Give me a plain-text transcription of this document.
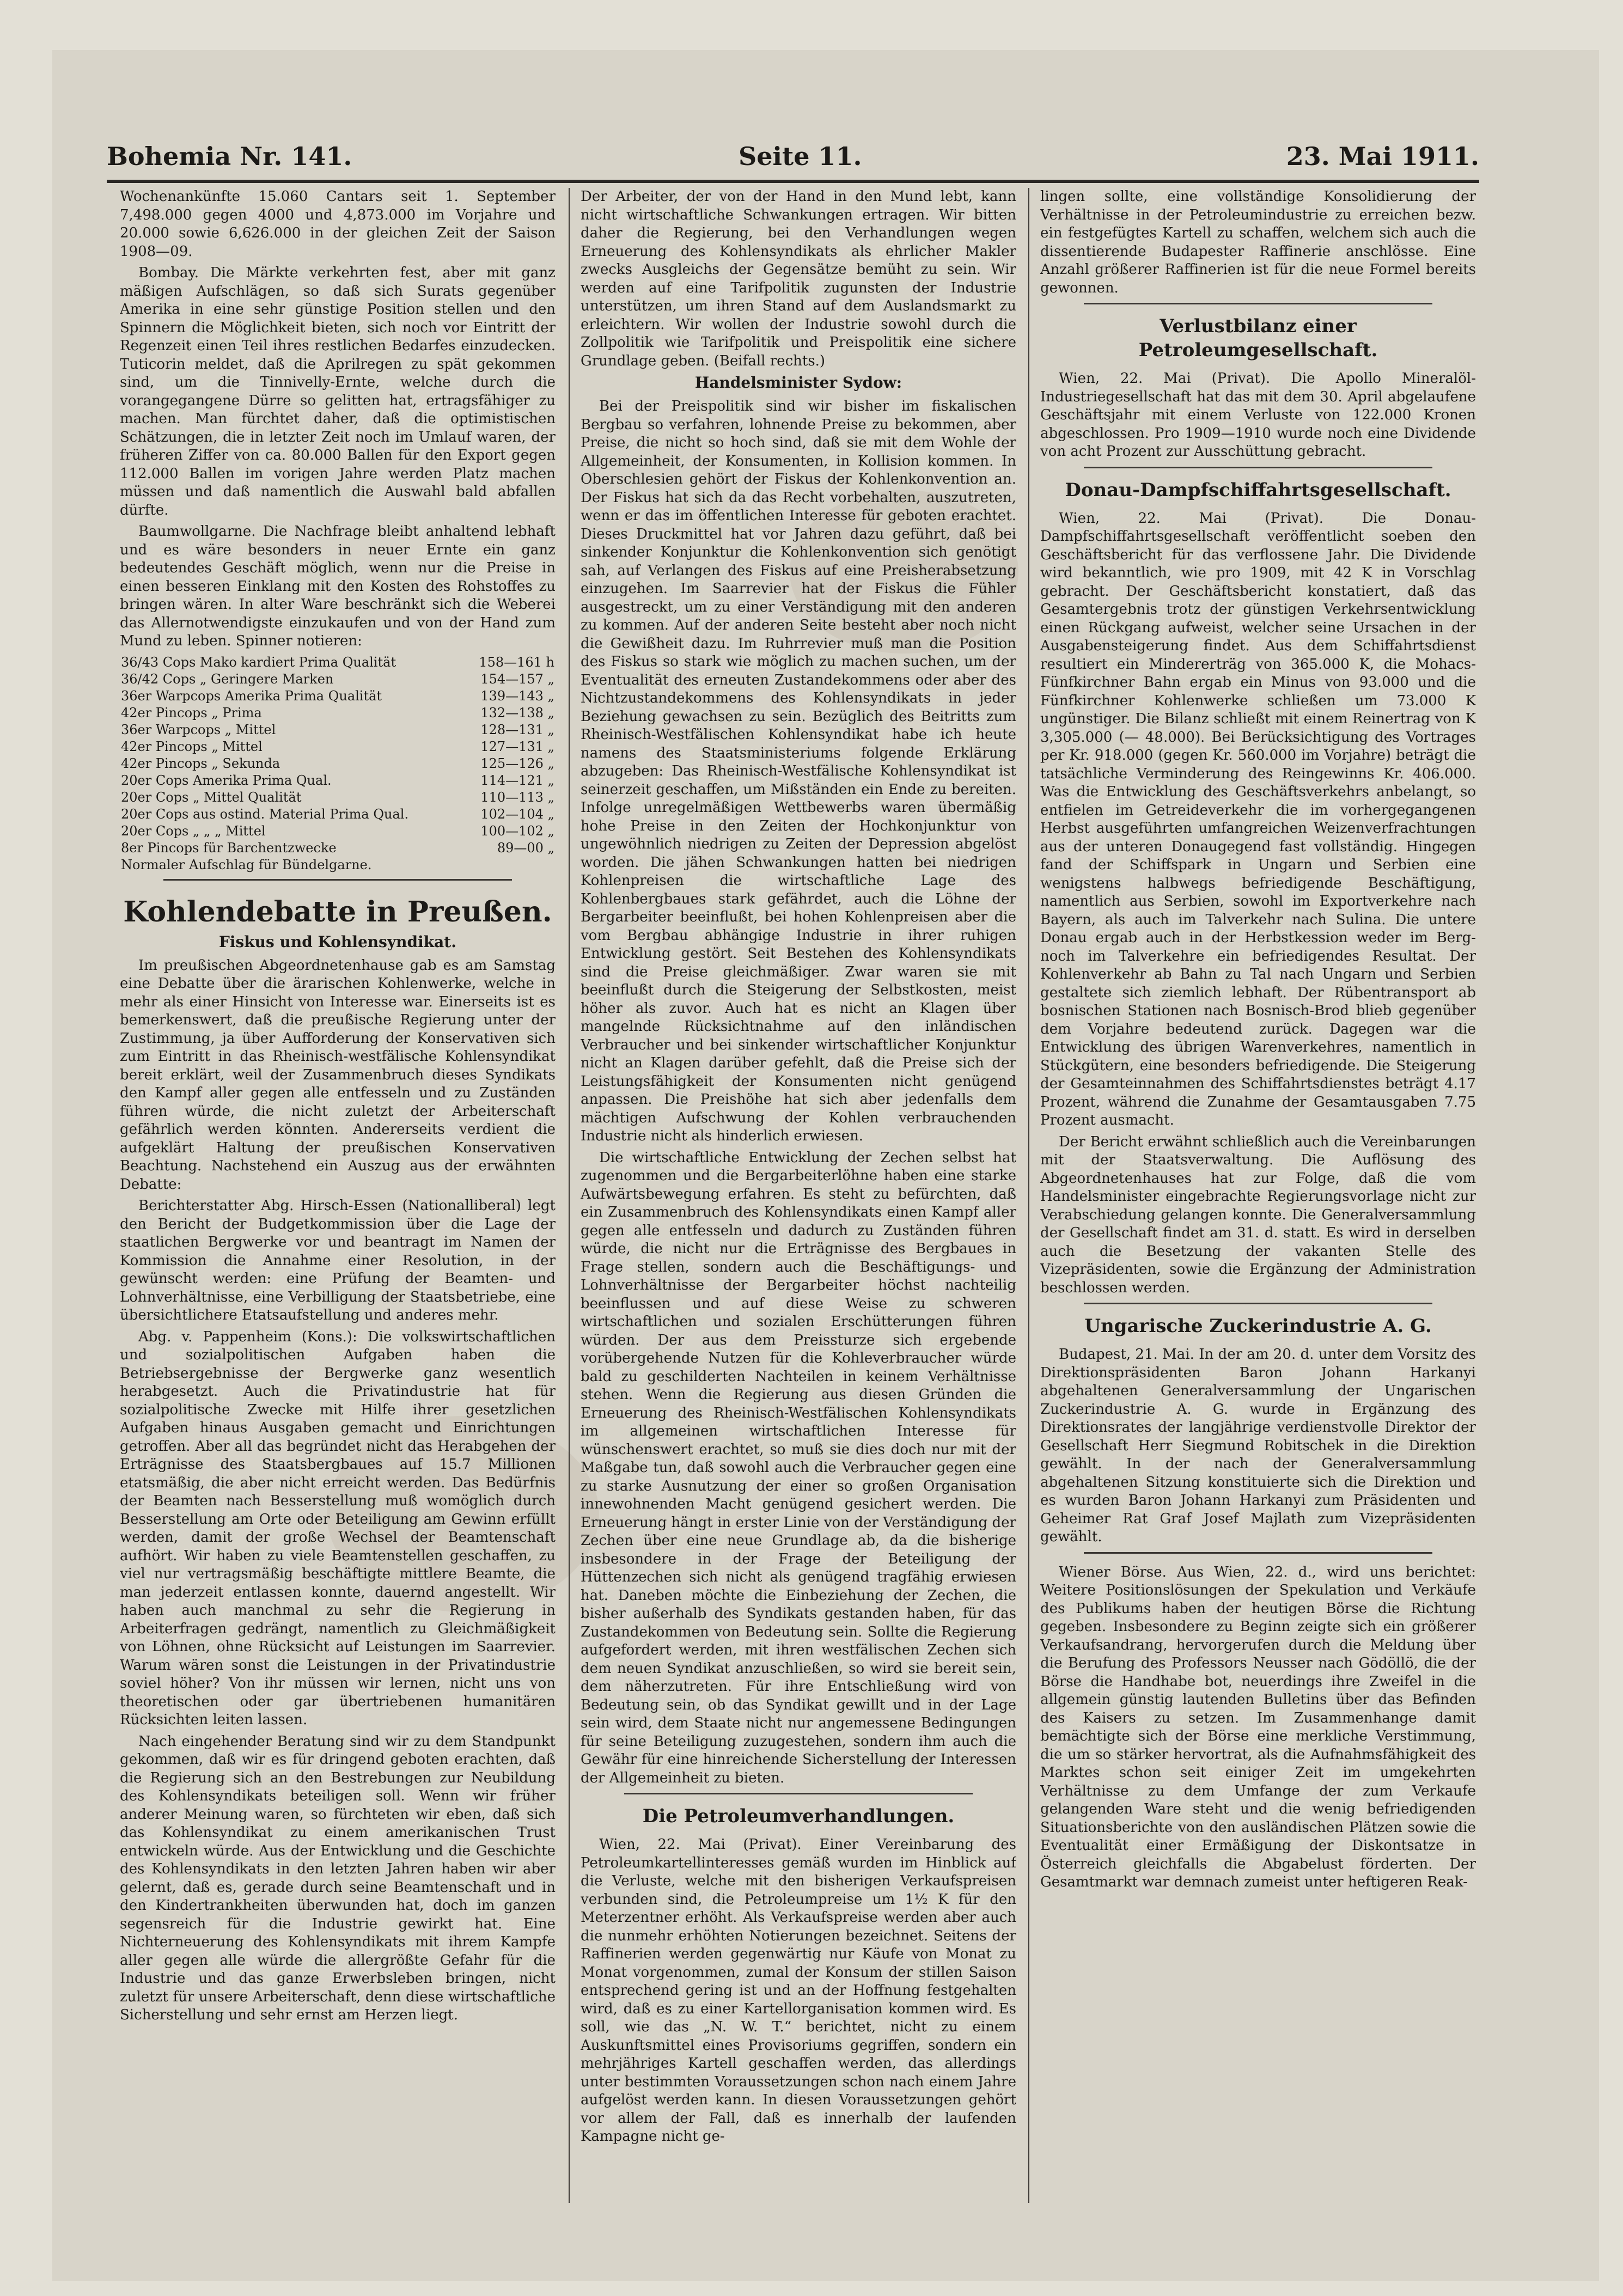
Bohemia Nr. 141.	Seite 11.	23. Mai 1911.

Wochenankünfte 15.060 Cantars seit 1. September 7,498.000 gegen 4000 und 4,873.000 im Vorjahre und 20.000 sowie 6,626.000 in der gleichen Zeit der Saison 1908—09.

Bombay. Die Märkte verkehrten fest, aber mit ganz mäßigen Aufschlägen, so daß sich Surats gegenüber Amerika in eine sehr günstige Position stellen und den Spinnern die Möglichkeit bieten, sich noch vor Eintritt der Regenzeit einen Teil ihres restlichen Bedarfes einzudecken. Tuticorin meldet, daß die Aprilregen zu spät gekommen sind, um die Tinnivelly-Ernte, welche durch die vorangegangene Dürre so gelitten hat, ertragsfähiger zu machen. Man fürchtet daher, daß die optimistischen Schätzungen, die in letzter Zeit noch im Umlauf waren, der früheren Ziffer von ca. 80.000 Ballen für den Export gegen 112.000 Ballen im vorigen Jahre werden Platz machen müssen und daß namentlich die Auswahl bald abfallen dürfte.

Baumwollgarne. Die Nachfrage bleibt anhaltend lebhaft und es wäre besonders in neuer Ernte ein ganz bedeutendes Geschäft möglich, wenn nur die Preise in einen besseren Einklang mit den Kosten des Rohstoffes zu bringen wären. In alter Ware beschränkt sich die Weberei das Allernotwendigste einzukaufen und von der Hand zum Mund zu leben. Spinner notieren:

36/43 Cops Mako kardiert Prima Qualität	158—161 h
36/42 Cops „ Geringere Marken	154—157 „
36er Warpcops Amerika Prima Qualität	139—143 „
42er Pincops „ Prima	132—138 „
36er Warpcops „ Mittel	128—131 „
42er Pincops „ Mittel	127—131 „
42er Pincops „ Sekunda	125—126 „
20er Cops Amerika Prima Qual.	114—121 „
20er Cops „ Mittel Qualität	110—113 „
20er Cops aus ostind. Material Prima Qual.	102—104 „
20er Cops „ „ „ Mittel	100—102 „
8er Pincops für Barchentzwecke	89—00 „
Normaler Aufschlag für Bündelgarne.	
Kohlendebatte in Preußen.
Fiskus und Kohlensyndikat.

Im preußischen Abgeordnetenhause gab es am Samstag eine Debatte über die ärarischen Kohlenwerke, welche in mehr als einer Hinsicht von Interesse war. Einerseits ist es bemerkenswert, daß die preußische Regierung unter der Zustimmung, ja über Aufforderung der Konservativen sich zum Eintritt in das Rheinisch-westfälische Kohlensyndikat bereit erklärt, weil der Zusammenbruch dieses Syndikats den Kampf aller gegen alle entfesseln und zu Zuständen führen würde, die nicht zuletzt der Arbeiterschaft gefährlich werden könnten. Andererseits verdient die aufgeklärt Haltung der preußischen Konservativen Beachtung. Nachstehend ein Auszug aus der erwähnten Debatte:

Berichterstatter Abg. Hirsch-Essen (Nationalliberal) legt den Bericht der Budgetkommission über die Lage der staatlichen Bergwerke vor und beantragt im Namen der Kommission die Annahme einer Resolution, in der gewünscht werden: eine Prüfung der Beamten- und Lohnverhältnisse, eine Verbilligung der Staatsbetriebe, eine übersichtlichere Etatsaufstellung und anderes mehr.

Abg. v. Pappenheim (Kons.): Die volkswirtschaftlichen und sozialpolitischen Aufgaben haben die Betriebsergebnisse der Bergwerke ganz wesentlich herabgesetzt. Auch die Privatindustrie hat für sozialpolitische Zwecke mit Hilfe ihrer gesetzlichen Aufgaben hinaus Ausgaben gemacht und Einrichtungen getroffen. Aber all das begründet nicht das Herabgehen der Erträgnisse des Staatsbergbaues auf 15.7 Millionen etatsmäßig, die aber nicht erreicht werden. Das Bedürfnis der Beamten nach Besserstellung muß womöglich durch Besserstellung am Orte oder Beteiligung am Gewinn erfüllt werden, damit der große Wechsel der Beamtenschaft aufhört. Wir haben zu viele Beamtenstellen geschaffen, zu viel nur vertragsmäßig beschäftigte mittlere Beamte, die man jederzeit entlassen konnte, dauernd angestellt. Wir haben auch manchmal zu sehr die Regierung in Arbeiterfragen gedrängt, namentlich zu Gleichmäßigkeit von Löhnen, ohne Rücksicht auf Leistungen im Saarrevier. Warum wären sonst die Leistungen in der Privatindustrie soviel höher? Von ihr müssen wir lernen, nicht uns von theoretischen oder gar übertriebenen humanitären Rücksichten leiten lassen.

Nach eingehender Beratung sind wir zu dem Standpunkt gekommen, daß wir es für dringend geboten erachten, daß die Regierung sich an den Bestrebungen zur Neubildung des Kohlensyndikats beteiligen soll. Wenn wir früher anderer Meinung waren, so fürchteten wir eben, daß sich das Kohlensyndikat zu einem amerikanischen Trust entwickeln würde. Aus der Entwicklung und die Geschichte des Kohlensyndikats in den letzten Jahren haben wir aber gelernt, daß es, gerade durch seine Beamtenschaft und in den Kindertrankheiten überwunden hat, doch im ganzen segensreich für die Industrie gewirkt hat. Eine Nichterneuerung des Kohlensyndikats mit ihrem Kampfe aller gegen alle würde die allergrößte Gefahr für die Industrie und das ganze Erwerbsleben bringen, nicht zuletzt für unsere Arbeiterschaft, denn diese wirtschaftliche Sicherstellung und sehr ernst am Herzen liegt.

Der Arbeiter, der von der Hand in den Mund lebt, kann nicht wirtschaftliche Schwankungen ertragen. Wir bitten daher die Regierung, bei den Verhandlungen wegen Erneuerung des Kohlensyndikats als ehrlicher Makler zwecks Ausgleichs der Gegensätze bemüht zu sein. Wir werden auf eine Tarifpolitik zugunsten der Industrie unterstützen, um ihren Stand auf dem Auslandsmarkt zu erleichtern. Wir wollen der Industrie sowohl durch die Zollpolitik wie Tarifpolitik und Preispolitik eine sichere Grundlage geben. (Beifall rechts.)

Handelsminister Sydow:

Bei der Preispolitik sind wir bisher im fiskalischen Bergbau so verfahren, lohnende Preise zu bekommen, aber Preise, die nicht so hoch sind, daß sie mit dem Wohle der Allgemeinheit, der Konsumenten, in Kollision kommen. In Oberschlesien gehört der Fiskus der Kohlenkonvention an. Der Fiskus hat sich da das Recht vorbehalten, auszutreten, wenn er das im öffentlichen Interesse für geboten erachtet. Dieses Druckmittel hat vor Jahren dazu geführt, daß bei sinkender Konjunktur die Kohlenkonvention sich genötigt sah, auf Verlangen des Fiskus auf eine Preisherabsetzung einzugehen. Im Saarrevier hat der Fiskus die Fühler ausgestreckt, um zu einer Verständigung mit den anderen zu kommen. Auf der anderen Seite besteht aber noch nicht die Gewißheit dazu. Im Ruhrrevier muß man die Position des Fiskus so stark wie möglich zu machen suchen, um der Eventualität des erneuten Zustandekommens oder aber des Nichtzustandekommens des Kohlensyndikats in jeder Beziehung gewachsen zu sein. Bezüglich des Beitritts zum Rheinisch-Westfälischen Kohlensyndikat habe ich heute namens des Staatsministeriums folgende Erklärung abzugeben: Das Rheinisch-Westfälische Kohlensyndikat ist seinerzeit geschaffen, um Mißständen ein Ende zu bereiten. Infolge unregelmäßigen Wettbewerbs waren übermäßig hohe Preise in den Zeiten der Hochkonjunktur von ungewöhnlich niedrigen zu Zeiten der Depression abgelöst worden. Die jähen Schwankungen hatten bei niedrigen Kohlenpreisen die wirtschaftliche Lage des Kohlenbergbaues stark gefährdet, auch die Löhne der Bergarbeiter beeinflußt, bei hohen Kohlenpreisen aber die vom Bergbau abhängige Industrie in ihrer ruhigen Entwicklung gestört. Seit Bestehen des Kohlensyndikats sind die Preise gleichmäßiger. Zwar waren sie mit beeinflußt durch die Steigerung der Selbstkosten, meist höher als zuvor. Auch hat es nicht an Klagen über mangelnde Rücksichtnahme auf den inländischen Verbraucher und bei sinkender wirtschaftlicher Konjunktur nicht an Klagen darüber gefehlt, daß die Preise sich der Leistungsfähigkeit der Konsumenten nicht genügend anpassen. Die Preishöhe hat sich aber jedenfalls dem mächtigen Aufschwung der Kohlen verbrauchenden Industrie nicht als hinderlich erwiesen.

Die wirtschaftliche Entwicklung der Zechen selbst hat zugenommen und die Bergarbeiterlöhne haben eine starke Aufwärtsbewegung erfahren. Es steht zu befürchten, daß ein Zusammenbruch des Kohlensyndikats einen Kampf aller gegen alle entfesseln und dadurch zu Zuständen führen würde, die nicht nur die Erträgnisse des Bergbaues in Frage stellen, sondern auch die Beschäftigungs- und Lohnverhältnisse der Bergarbeiter höchst nachteilig beeinflussen und auf diese Weise zu schweren wirtschaftlichen und sozialen Erschütterungen führen würden. Der aus dem Preissturze sich ergebende vorübergehende Nutzen für die Kohleverbraucher würde bald zu geschilderten Nachteilen in keinem Verhältnisse stehen. Wenn die Regierung aus diesen Gründen die Erneuerung des Rheinisch-Westfälischen Kohlensyndikats im allgemeinen wirtschaftlichen Interesse für wünschenswert erachtet, so muß sie dies doch nur mit der Maßgabe tun, daß sowohl auch die Verbraucher gegen eine zu starke Ausnutzung der einer so großen Organisation innewohnenden Macht genügend gesichert werden. Die Erneuerung hängt in erster Linie von der Verständigung der Zechen über eine neue Grundlage ab, da die bisherige insbesondere in der Frage der Beteiligung der Hüttenzechen sich nicht als genügend tragfähig erwiesen hat. Daneben möchte die Einbeziehung der Zechen, die bisher außerhalb des Syndikats gestanden haben, für das Zustandekommen von Bedeutung sein. Sollte die Regierung aufgefordert werden, mit ihren westfälischen Zechen sich dem neuen Syndikat anzuschließen, so wird sie bereit sein, dem näherzutreten. Für ihre Entschließung wird von Bedeutung sein, ob das Syndikat gewillt und in der Lage sein wird, dem Staate nicht nur angemessene Bedingungen für seine Beteiligung zuzugestehen, sondern ihm auch die Gewähr für eine hinreichende Sicherstellung der Interessen der Allgemeinheit zu bieten.

Die Petroleumverhandlungen.

Wien, 22. Mai (Privat). Einer Vereinbarung des Petroleumkartellinteresses gemäß wurden im Hinblick auf die Verluste, welche mit den bisherigen Verkaufspreisen verbunden sind, die Petroleumpreise um 1½ K für den Meterzentner erhöht. Als Verkaufspreise werden aber auch die nunmehr erhöhten Notierungen bezeichnet. Seitens der Raffinerien werden gegenwärtig nur Käufe von Monat zu Monat vorgenommen, zumal der Konsum der stillen Saison entsprechend gering ist und an der Hoffnung festgehalten wird, daß es zu einer Kartellorganisation kommen wird. Es soll, wie das „N. W. T.“ berichtet, nicht zu einem Auskunftsmittel eines Provisoriums gegriffen, sondern ein mehrjähriges Kartell geschaffen werden, das allerdings unter bestimmten Voraussetzungen schon nach einem Jahre aufgelöst werden kann. In diesen Voraussetzungen gehört vor allem der Fall, daß es innerhalb der laufenden Kampagne nicht ge-

lingen sollte, eine vollständige Konsolidierung der Verhältnisse in der Petroleumindustrie zu erreichen bezw. ein festgefügtes Kartell zu schaffen, welchem sich auch die dissentierende Budapester Raffinerie anschlösse. Eine Anzahl größerer Raffinerien ist für die neue Formel bereits gewonnen.

Verlustbilanz einer Petroleumgesellschaft.

Wien, 22. Mai (Privat). Die Apollo Mineralöl-Industriegesellschaft hat das mit dem 30. April abgelaufene Geschäftsjahr mit einem Verluste von 122.000 Kronen abgeschlossen. Pro 1909—1910 wurde noch eine Dividende von acht Prozent zur Ausschüttung gebracht.

Donau-Dampfschiffahrtsgesellschaft.

Wien, 22. Mai (Privat). Die Donau-Dampfschiffahrtsgesellschaft veröffentlicht soeben den Geschäftsbericht für das verflossene Jahr. Die Dividende wird bekanntlich, wie pro 1909, mit 42 K in Vorschlag gebracht. Der Geschäftsbericht konstatiert, daß das Gesamtergebnis trotz der günstigen Verkehrsentwicklung einen Rückgang aufweist, welcher seine Ursachen in der Ausgabensteigerung findet. Aus dem Schiffahrtsdienst resultiert ein Mindererträg von 365.000 K, die Mohacs-Fünfkirchner Bahn ergab ein Minus von 93.000 und die Fünfkirchner Kohlenwerke schließen um 73.000 K ungünstiger. Die Bilanz schließt mit einem Reinertrag von K 3,305.000 (— 48.000). Bei Berücksichtigung des Vortrages per Kr. 918.000 (gegen Kr. 560.000 im Vorjahre) beträgt die tatsächliche Verminderung des Reingewinns Kr. 406.000. Was die Entwicklung des Geschäftsverkehrs anbelangt, so entfielen im Getreideverkehr die im vorhergegangenen Herbst ausgeführten umfangreichen Weizenverfrachtungen aus der unteren Donaugegend fast vollständig. Hingegen fand der Schiffspark in Ungarn und Serbien eine wenigstens halbwegs befriedigende Beschäftigung, namentlich aus Serbien, sowohl im Exportverkehre nach Bayern, als auch im Talverkehr nach Sulina. Die untere Donau ergab auch in der Herbstkession weder im Berg- noch im Talverkehre ein befriedigendes Resultat. Der Kohlenverkehr ab Bahn zu Tal nach Ungarn und Serbien gestaltete sich ziemlich lebhaft. Der Rübentransport ab bosnischen Stationen nach Bosnisch-Brod blieb gegenüber dem Vorjahre bedeutend zurück. Dagegen war die Entwicklung des übrigen Warenverkehres, namentlich in Stückgütern, eine besonders befriedigende. Die Steigerung der Gesamteinnahmen des Schiffahrtsdienstes beträgt 4.17 Prozent, während die Zunahme der Gesamtausgaben 7.75 Prozent ausmacht.

Der Bericht erwähnt schließlich auch die Vereinbarungen mit der Staatsverwaltung. Die Auflösung des Abgeordnetenhauses hat zur Folge, daß die vom Handelsminister eingebrachte Regierungsvorlage nicht zur Verabschiedung gelangen konnte. Die Generalversammlung der Gesellschaft findet am 31. d. statt. Es wird in derselben auch die Besetzung der vakanten Stelle des Vizepräsidenten, sowie die Ergänzung der Administration beschlossen werden.

Ungarische Zuckerindustrie A. G.

Budapest, 21. Mai. In der am 20. d. unter dem Vorsitz des Direktionspräsidenten Baron Johann Harkanyi abgehaltenen Generalversammlung der Ungarischen Zuckerindustrie A. G. wurde in Ergänzung des Direktionsrates der langjährige verdienstvolle Direktor der Gesellschaft Herr Siegmund Robitschek in die Direktion gewählt. In der nach der Generalversammlung abgehaltenen Sitzung konstituierte sich die Direktion und es wurden Baron Johann Harkanyi zum Präsidenten und Geheimer Rat Graf Josef Majlath zum Vizepräsidenten gewählt.

Wiener Börse. Aus Wien, 22. d., wird uns berichtet: Weitere Positionslösungen der Spekulation und Verkäufe des Publikums haben der heutigen Börse die Richtung gegeben. Insbesondere zu Beginn zeigte sich ein größerer Verkaufsandrang, hervorgerufen durch die Meldung über die Berufung des Professors Neusser nach Gödöllö, die der Börse die Handhabe bot, neuerdings ihre Zweifel in die allgemein günstig lautenden Bulletins über das Befinden des Kaisers zu setzen. Im Zusammenhange damit bemächtigte sich der Börse eine merkliche Verstimmung, die um so stärker hervortrat, als die Aufnahmsfähigkeit des Marktes schon seit einiger Zeit im umgekehrten Verhältnisse zu dem Umfange der zum Verkaufe gelangenden Ware steht und die wenig befriedigenden Situationsberichte von den ausländischen Plätzen sowie die Eventualität einer Ermäßigung der Diskontsatze in Österreich gleichfalls die Abgabelust förderten. Der Gesamtmarkt war demnach zumeist unter heftigeren Reak-
